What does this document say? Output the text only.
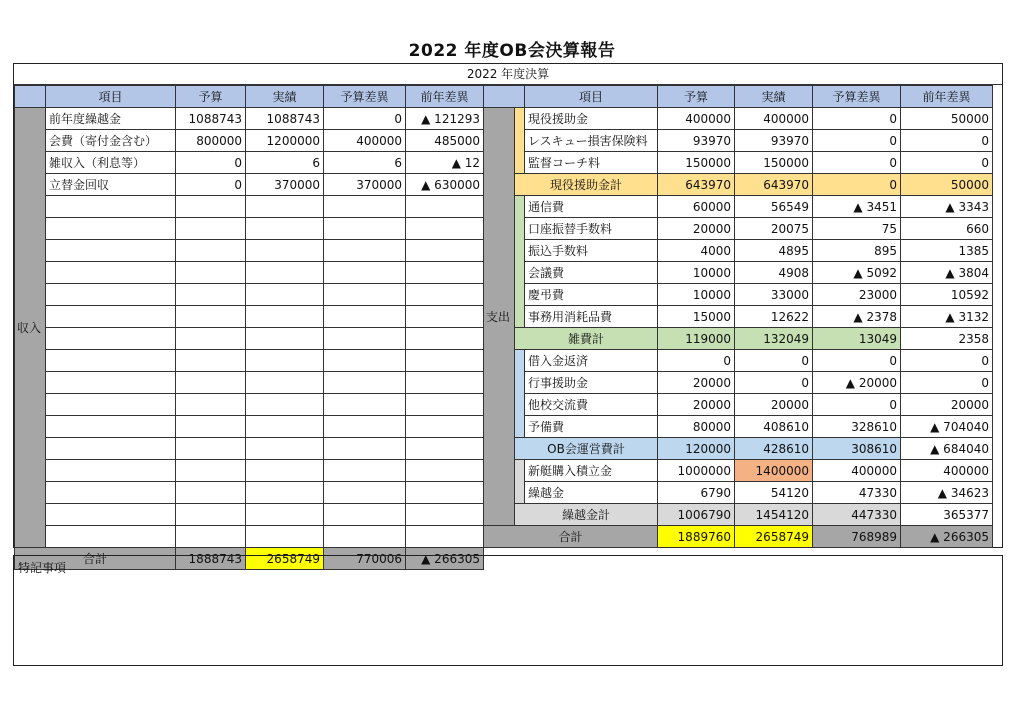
2022 年度OB会決算報告
2022 年度決算
	項目	予算	実績	予算差異	前年差異
収入	前年度繰越金	1088743	1088743	0	▲ 121293
	会費（寄付金含む）	800000	1200000	400000	485000
	雑収入（利息等）	0	6	6	▲ 12
	立替金回収	0	370000	370000	▲ 630000

合計		1888743	2658749	770006	▲ 266305
		項目	予算	実績	予算差異	前年差異
支出		現役援助金	400000	400000	0	50000
		レスキュー損害保険料	93970	93970	0	0
		監督コーチ料	150000	150000	0	0
	現役援助金計		643970	643970	0	50000
		通信費	60000	56549	▲ 3451	▲ 3343
		口座振替手数料	20000	20075	75	660
		振込手数料	4000	4895	895	1385
		会議費	10000	4908	▲ 5092	▲ 3804
		慶弔費	10000	33000	23000	10592
		事務用消耗品費	15000	12622	▲ 2378	▲ 3132
	雑費計		119000	132049	13049	2358
		借入金返済	0	0	0	0
		行事援助金	20000	0	▲ 20000	0
		他校交流費	20000	20000	0	20000
		予備費	80000	408610	328610	▲ 704040
	OB会運営費計		120000	428610	308610	▲ 684040
		新艇購入積立金	1000000	1400000	400000	400000
		繰越金	6790	54120	47330	▲ 34623
	繰越金計		1006790	1454120	447330	365377
合計			1889760	2658749	768989	▲ 266305
特記事項
